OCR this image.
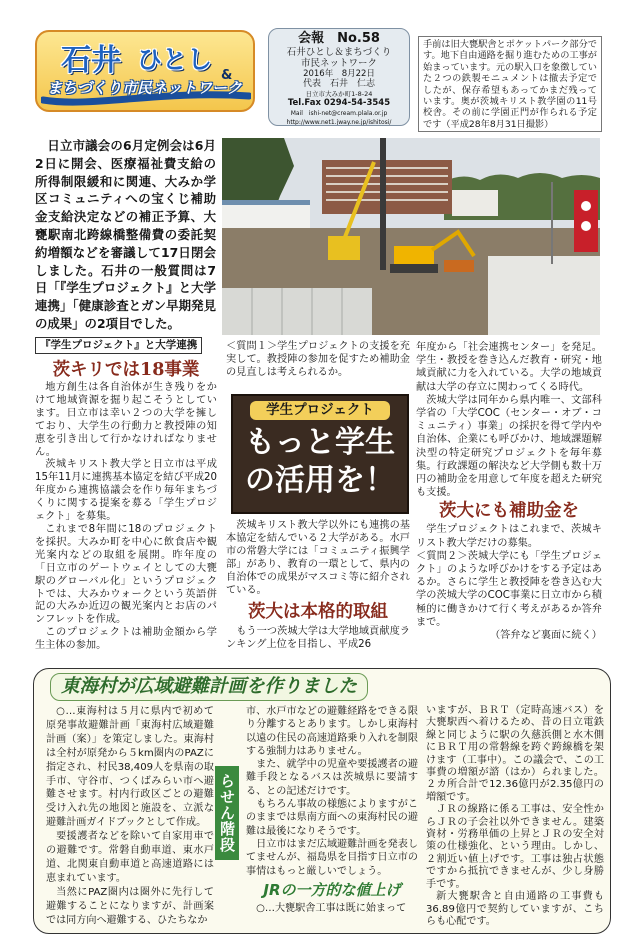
石井 ひとし
&
まちづくり市民ネットワーク
会報　No.58
石井ひとし＆まちづくり
市民ネットワーク
2016年　8月22日
代表　石井　仁志
日立市大みか町1-8-24
Tel.Fax 0294-54-3545
Mail　ishi-net@cream.plala.or.jp
http://www.net1.jway.ne.jp/ishitosi/
手前は旧大甕駅舎とポケットパーク部分です。地下自由通路を掘り進むための工事が始まっています。元の駅入口を象徴していた２つの鉄製モニュメントは撤去予定でしたが、保存希望もあってかまだ残っています。奥が茨城キリスト教学園の11号校舎。その前に学園正門が作られる予定です（平成28年8月31日撮影）

日立市議会の6月定例会は6月2日に開会、医療福祉費支給の所得制限緩和に関連、大みか学区コミュニティへの宝くじ補助金支給決定などの補正予算、大甕駅南北跨線橋整備費の委託契約増額などを審議して17日閉会しました。石井の一般質問は7日「『学生プロジェクト』と大学連携」「健康診査とガン早期発見の成果」の2項目でした。

『学生プロジェクト』と大学連携
茨キリでは18事業

地方創生は各自治体が生き残りをかけて地域資源を掘り起こそうとしています。日立市は幸い２つの大学を擁しており、大学生の行動力と教授陣の知恵を引き出して行かなければなりません。

茨城キリスト教大学と日立市は平成15年11月に連携基本協定を結び平成20年度から連携協議会を作り毎年まちづくりに関する提案を募る「学生プロジェクト」を募集。

これまで8年間に18のプロジェクトを採択。大みか町を中心に飲食店や観光案内などの取組を展開。昨年度の「日立市のゲートウェイとしての大甕駅のグローバル化」というプロジェクトでは、大みかウォークという英語併記の大みか近辺の観光案内とお店のパンフレットを作成。

このプロジェクトは補助金額から学生主体の参加。

＜質問１＞学生プロジェクトの支援を充実して。教授陣の参加を促すため補助金の見直しは考えられるか。

学生プロジェクト
もっと学生
の活用を！

茨城キリスト教大学以外にも連携の基本協定を結んでいる２大学がある。水戸市の常磐大学には「コミュニティ振興学部」があり、教育の一環として、県内の自治体での成果がマスコミ等に紹介されている。

茨大は本格的取組

もう一つ茨城大学は大学地域貢献度ランキング上位を目指し、平成26

年度から「社会連携センター」を発足。学生・教授を巻き込んだ教育・研究・地域貢献に力を入れている。大学の地域貢献は大学の存立に関わってくる時代。

茨城大学は同年から県内唯一、文部科学省の「大学COC（センター・オブ・コミュニティ）事業」の採択を得て学内や自治体、企業にも呼びかけ、地域課題解決型の特定研究プロジェクトを毎年募集。行政課題の解決など大学側も数十万円の補助金を用意して年度を超えた研究も支援。

茨大にも補助金を

学生プロジェクトはこれまで、茨城キリスト教大学だけの募集。

＜質問２＞茨城大学にも「学生プロジェクト」のような呼びかけをする予定はあるか。さらに学生と教授陣を巻き込む大学の茨城大学のCOC事業に日立市から積極的に働きかけて行く考えがあるか答弁まで。

（答弁など裏面に続く）

東海村が広域避難計画を作りました

○…東海村は５月に県内で初めて原発事故避難計画「東海村広域避難計画（案）」を策定しました。東海村は全村が原発から５km圏内のPAZに指定され、村民38,409人を県南の取手市、守谷市、つくばみらい市へ避難させます。村内行政区ごとの避難受け入れ先の地図と施設を、立派な避難計画ガイドブックとして作成。

要援護者などを除いて自家用車での避難です。常磐自動車道、東水戸道、北関東自動車道と高速道路には恵まれています。

当然にPAZ圏内は圏外に先行して避難することになりますが、計画案では同方向へ避難する、ひたちなか

らせん階段

市、水戸市などの避難経路をできる限り分離するとあります。しかし東海村以遠の住民の高速道路乗り入れを制限する強制力はありません。

また、就学中の児童や要援護者の避難手段となるバスは茨城県に要請する、との記述だけです。

もちろん事故の様態によりますがこのままでは県南方面への東海村民の避難は最後になりそうです。

日立市はまだ広域避難計画を発表してませんが、福島県を目指す日立市の事情はもっと厳しいでしょう。

JRの一方的な値上げ

○…大甕駅舎工事は既に始まって

いますが、ＢＲＴ（定時高速バス）を大甕駅西へ着けるため、昔の日立電鉄線と同じように駅の久慈浜側と水木側にＢＲＴ用の常磐線を跨ぐ跨線橋を架けます（工事中）。この議会で、この工事費の増額が諮（はか）られました。２カ所合計で12.36億円が2.35億円の増額です。

ＪＲの線路に係る工事は、安全性からＪＲの子会社以外できません。建築資材・労務単価の上昇とＪＲの安全対策の仕様強化、という理由。しかし、２割近い値上げです。工事は独占状態ですから抵抗できませんが、少し身勝手です。

新大甕駅舎と自由通路の工事費も36.89億円で契約していますが、こちらも心配です。
